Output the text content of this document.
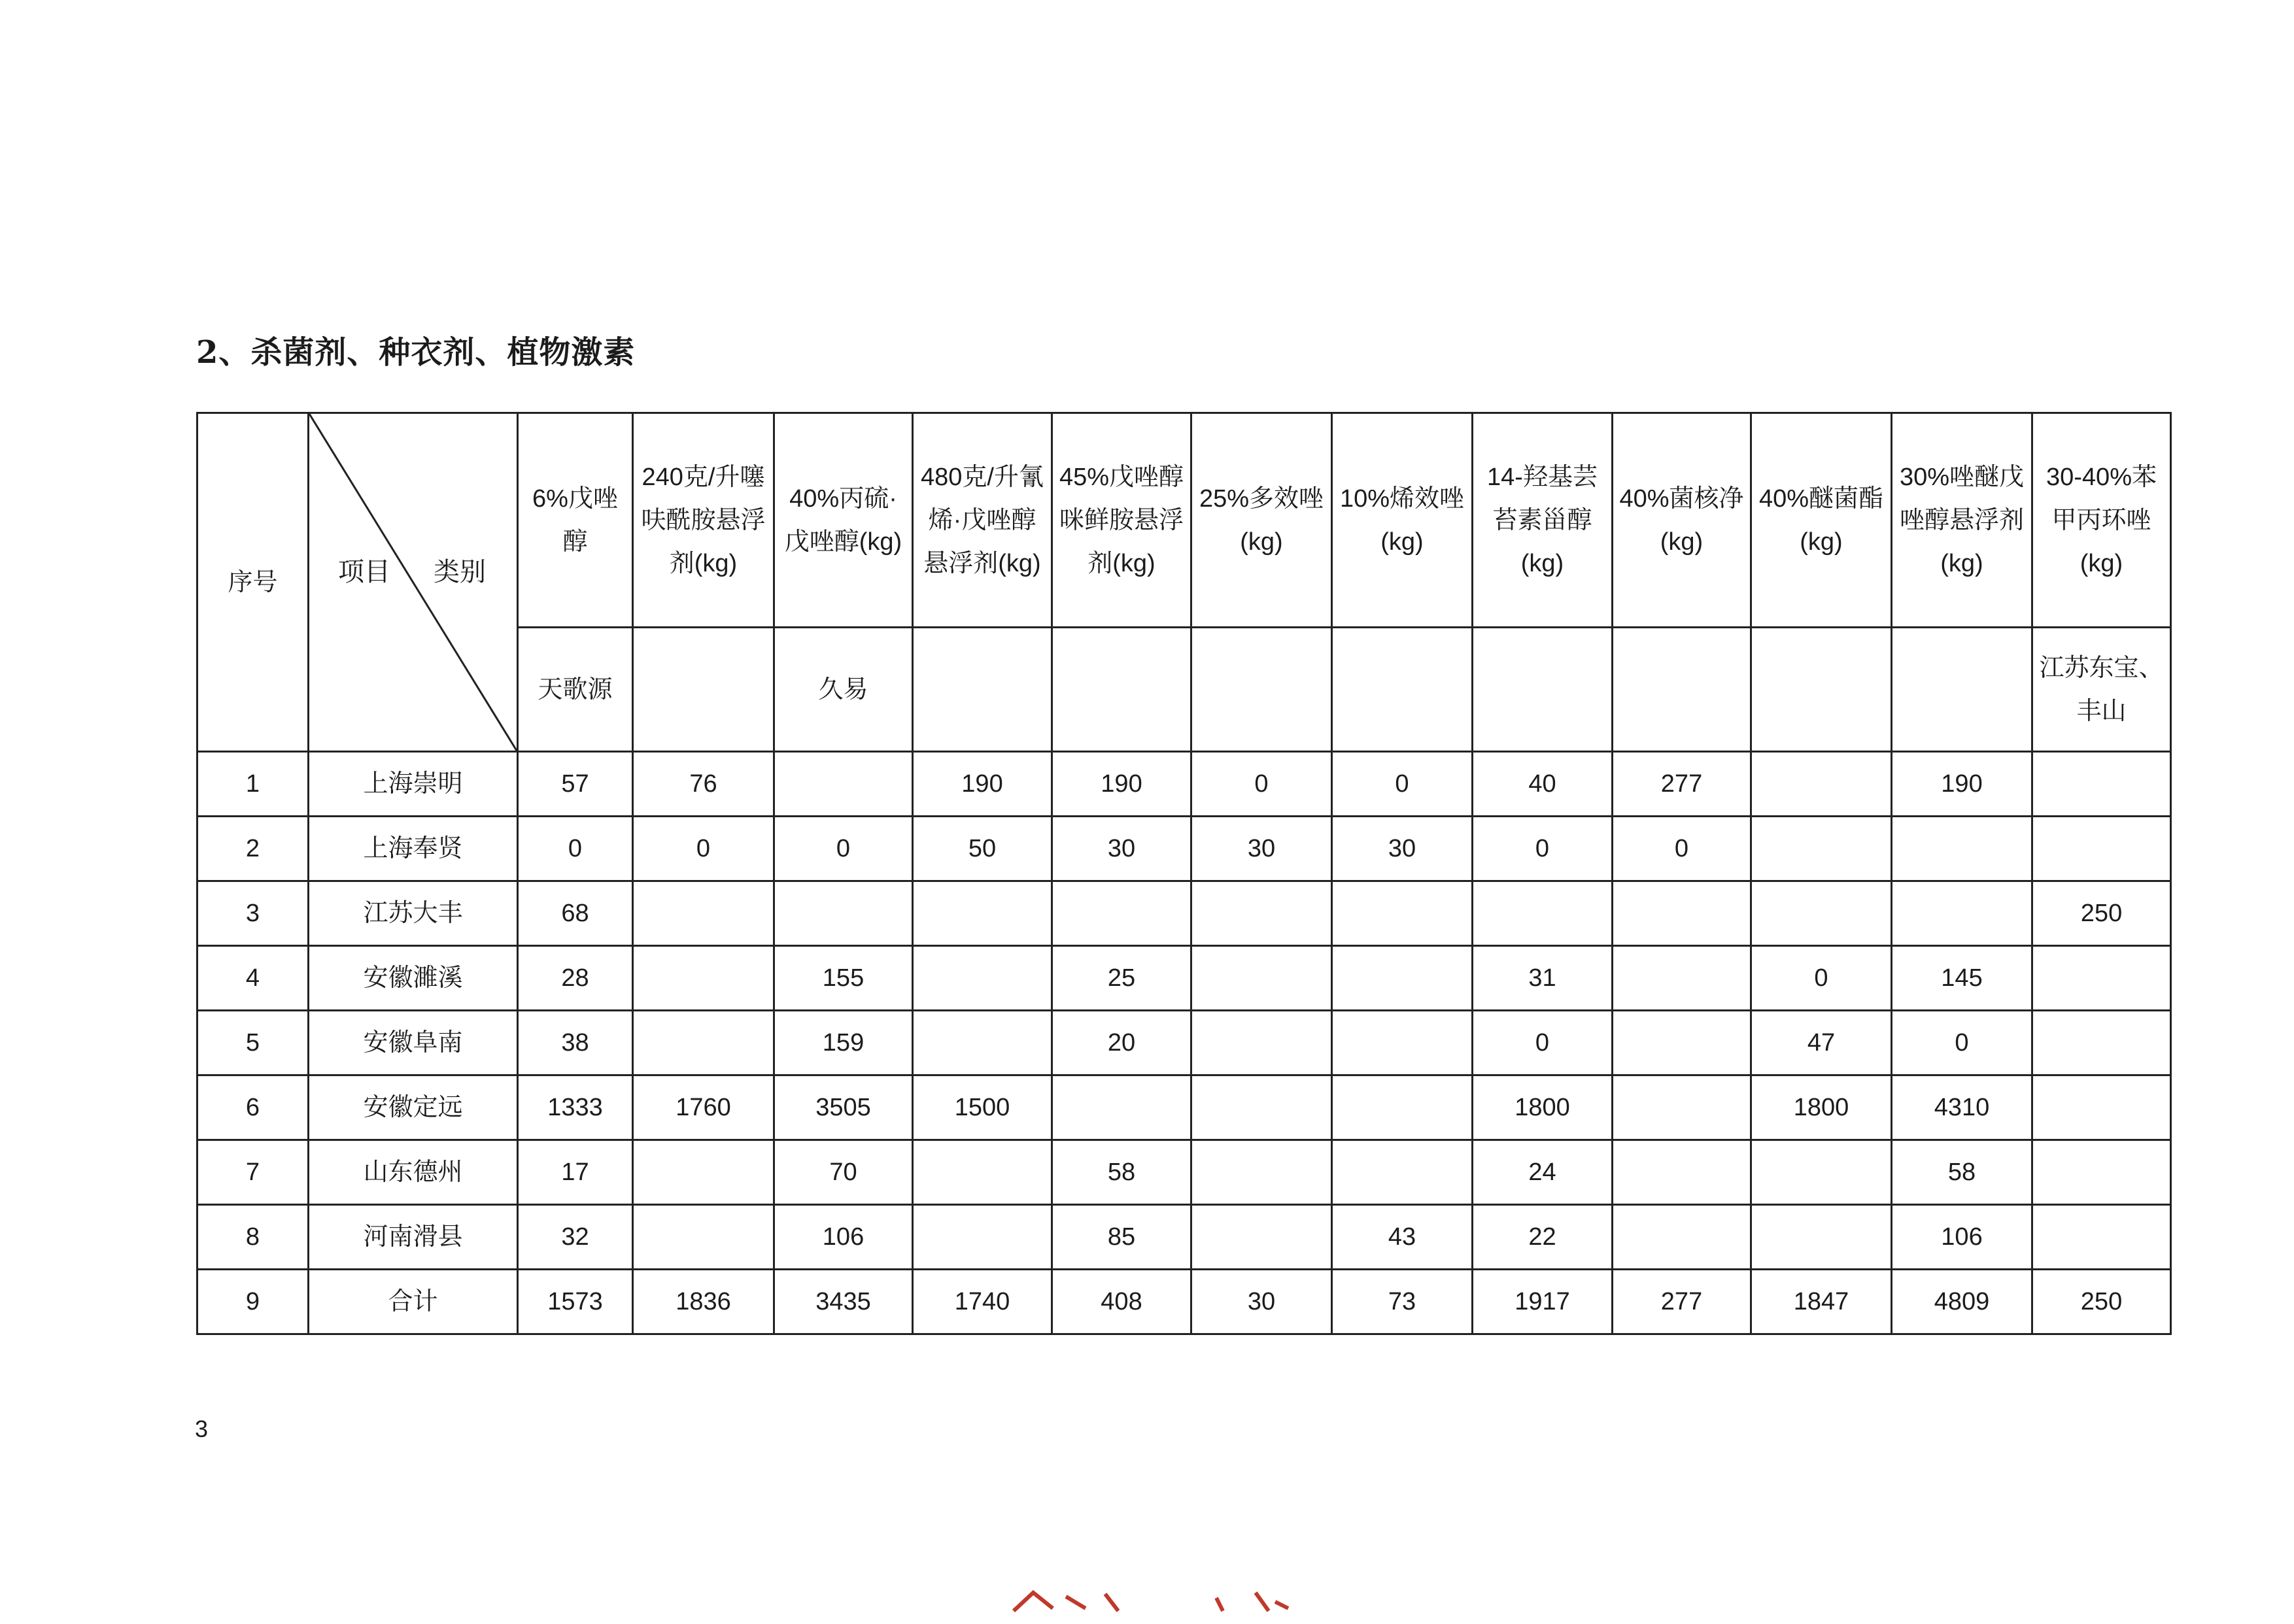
2、杀菌剂、种衣剂、植物激素
序号	项目 类别	6%戊唑醇	240克/升噻呋酰胺悬浮剂(kg)	40%丙硫·戊唑醇(kg)	480克/升氰烯·戊唑醇悬浮剂(kg)	45%戊唑醇咪鲜胺悬浮剂(kg)	25%多效唑(kg)	10%烯效唑(kg)	14-羟基芸苔素甾醇(kg)	40%菌核净(kg)	40%醚菌酯(kg)	30%唑醚戊唑醇悬浮剂(kg)	30-40%苯甲丙环唑(kg)
		天歌源		久易									江苏东宝、丰山
1	上海崇明	57	76		190	190	0	0	40	277		190	
2	上海奉贤	0	0	0	50	30	30	30	0	0			
3	江苏大丰	68											250
4	安徽濉溪	28		155		25			31		0	145	
5	安徽阜南	38		159		20			0		47	0	
6	安徽定远	1333	1760	3505	1500				1800		1800	4310	
7	山东德州	17		70		58			24			58	
8	河南滑县	32		106		85		43	22			106	
9	合计	1573	1836	3435	1740	408	30	73	1917	277	1847	4809	250
3
